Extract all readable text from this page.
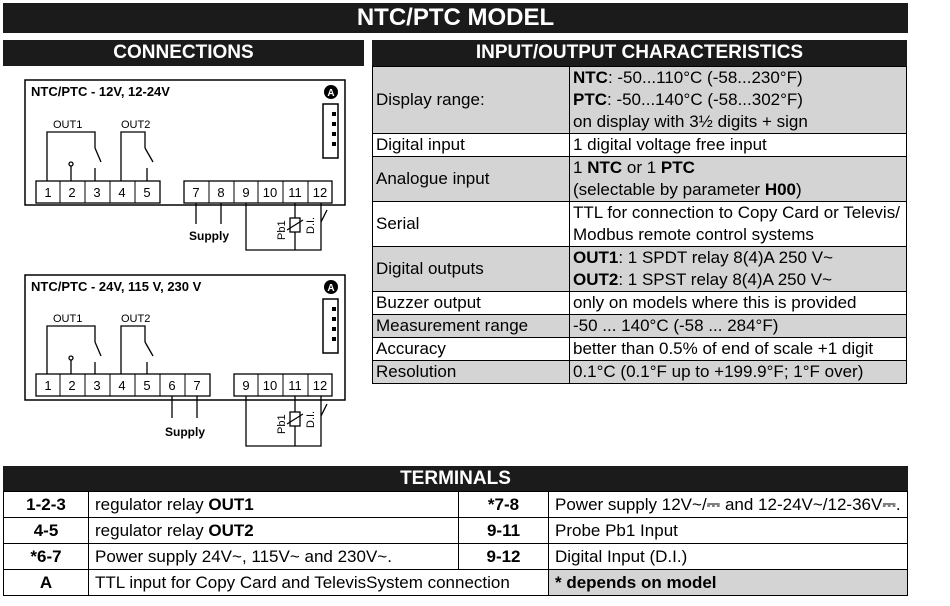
NTC/PTC MODEL
CONNECTIONS	INPUT/OUTPUT CHARACTERISTICS
NTC/PTC - 12V, 12-24V	A
OUT1	OUT2
1 2 3 4 5	7 8 9 10 11 12
Supply	Pb1 D.I.
NTC/PTC - 24V, 115 V, 230 V	A
OUT1	OUT2
1 2 3 4 5 6 7	9 10 11 12
Supply	Pb1 D.I.
Display range:	NTC: -50...110°C (-58...230°F)
PTC: -50...140°C (-58...302°F)
on display with 3½ digits + sign

Digital input	1 digital voltage free input
Analogue input	1 NTC or 1 PTC
(selectable by parameter H00)

Serial	TTL for connection to Copy Card or Televis/
Modbus remote control systems

Digital outputs	OUT1: 1 SPDT relay 8(4)A 250 V~
OUT2: 1 SPST relay 8(4)A 250 V~

Buzzer output	only on models where this is provided
Measurement range	-50 ... 140°C (-58 ... 284°F)
Accuracy	better than 0.5% of end of scale +1 digit
Resolution	0.1°C (0.1°F up to +199.9°F; 1°F over)
TERMINALS
1-2-3	regulator relay OUT1	*7-8	Power supply 12V~/⎓ and 12-24V~/12-36V⎓.
4-5	regulator relay OUT2	9-11	Probe Pb1 Input
*6-7	Power supply 24V~, 115V~ and 230V~.	9-12	Digital Input (D.I.)
A	TTL input for Copy Card and TelevisSystem connection		* depends on model
